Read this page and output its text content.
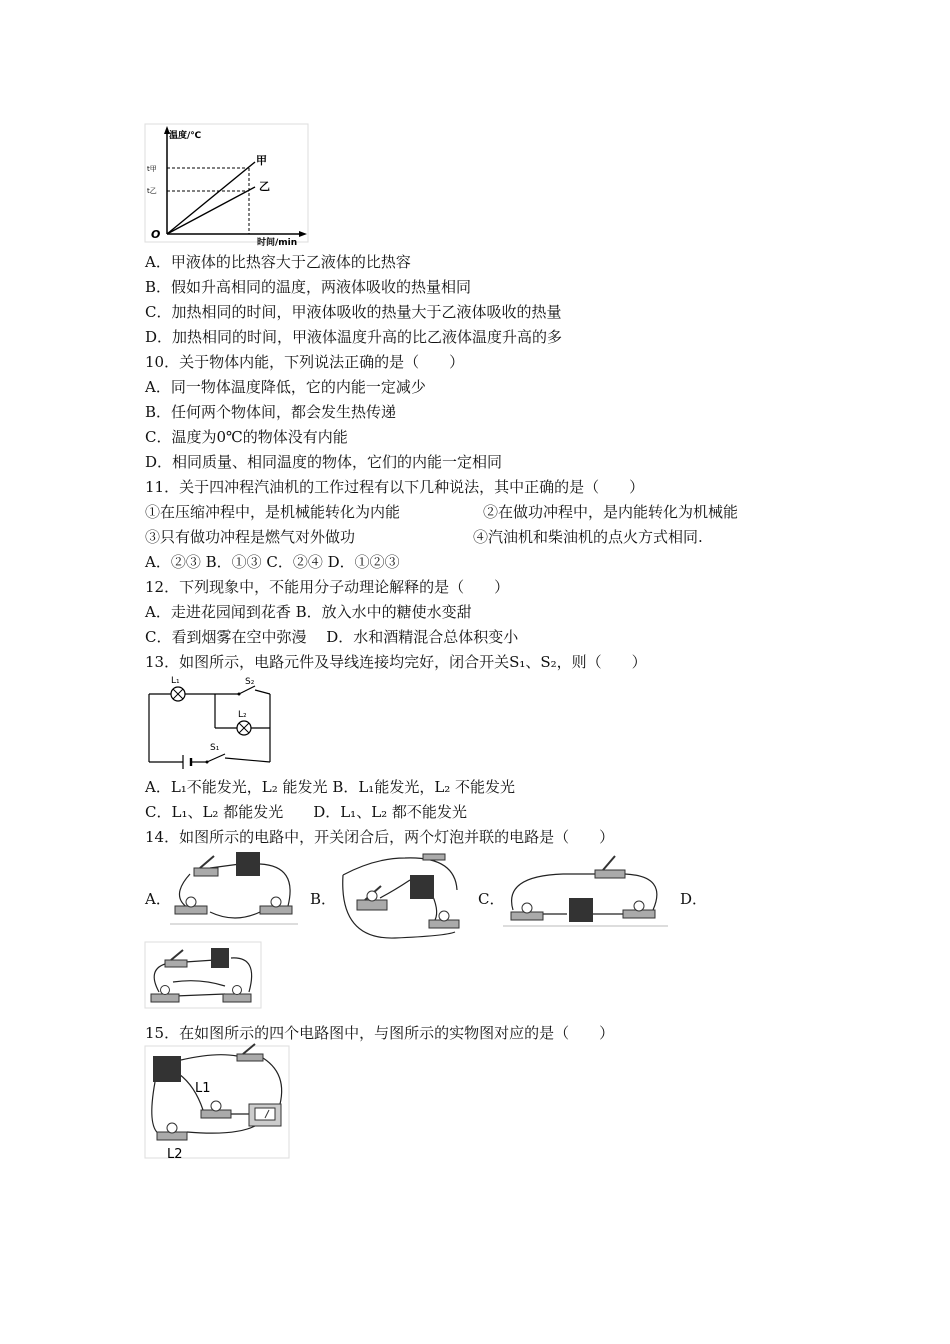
温度/℃
时间/min
O
t甲
t乙
甲
乙
A．甲液体的比热容大于乙液体的比热容
B．假如升高相同的温度，两液体吸收的热量相同
C．加热相同的时间，甲液体吸收的热量大于乙液体吸收的热量
D．加热相同的时间，甲液体温度升高的比乙液体温度升高的多
10．关于物体内能，下列说法正确的是（　　）
A．同一物体温度降低，它的内能一定减少
B．任何两个物体间，都会发生热传递
C．温度为0℃的物体没有内能
D．相同质量、相同温度的物体，它们的内能一定相同
11．关于四冲程汽油机的工作过程有以下几种说法，其中正确的是（　　）
①在压缩冲程中，是机械能转化为内能	②在做功冲程中，是内能转化为机械能
③只有做功冲程是燃气对外做功	④汽油机和柴油机的点火方式相同.
A．②③ B．①③ C．②④ D．①②③
12．下列现象中，不能用分子动理论解释的是（　　）
A．走进花园闻到花香 B．放入水中的糖使水变甜
C．看到烟雾在空中弥漫　 D．水和酒精混合总体积变小
13．如图所示，电路元件及导线连接均完好，闭合开关S₁、S₂，则（　　）
L₁	S₂
L₂
S₁
A．L₁不能发光，L₂ 能发光 B．L₁能发光，L₂ 不能发光
C．L₁、L₂ 都能发光　　D．L₁、L₂ 都不能发光
14．如图所示的电路中，开关闭合后，两个灯泡并联的电路是（　　）
A．	B．	C．	D．
15．在如图所示的四个电路图中，与图所示的实物图对应的是（　　）
L1
L2
